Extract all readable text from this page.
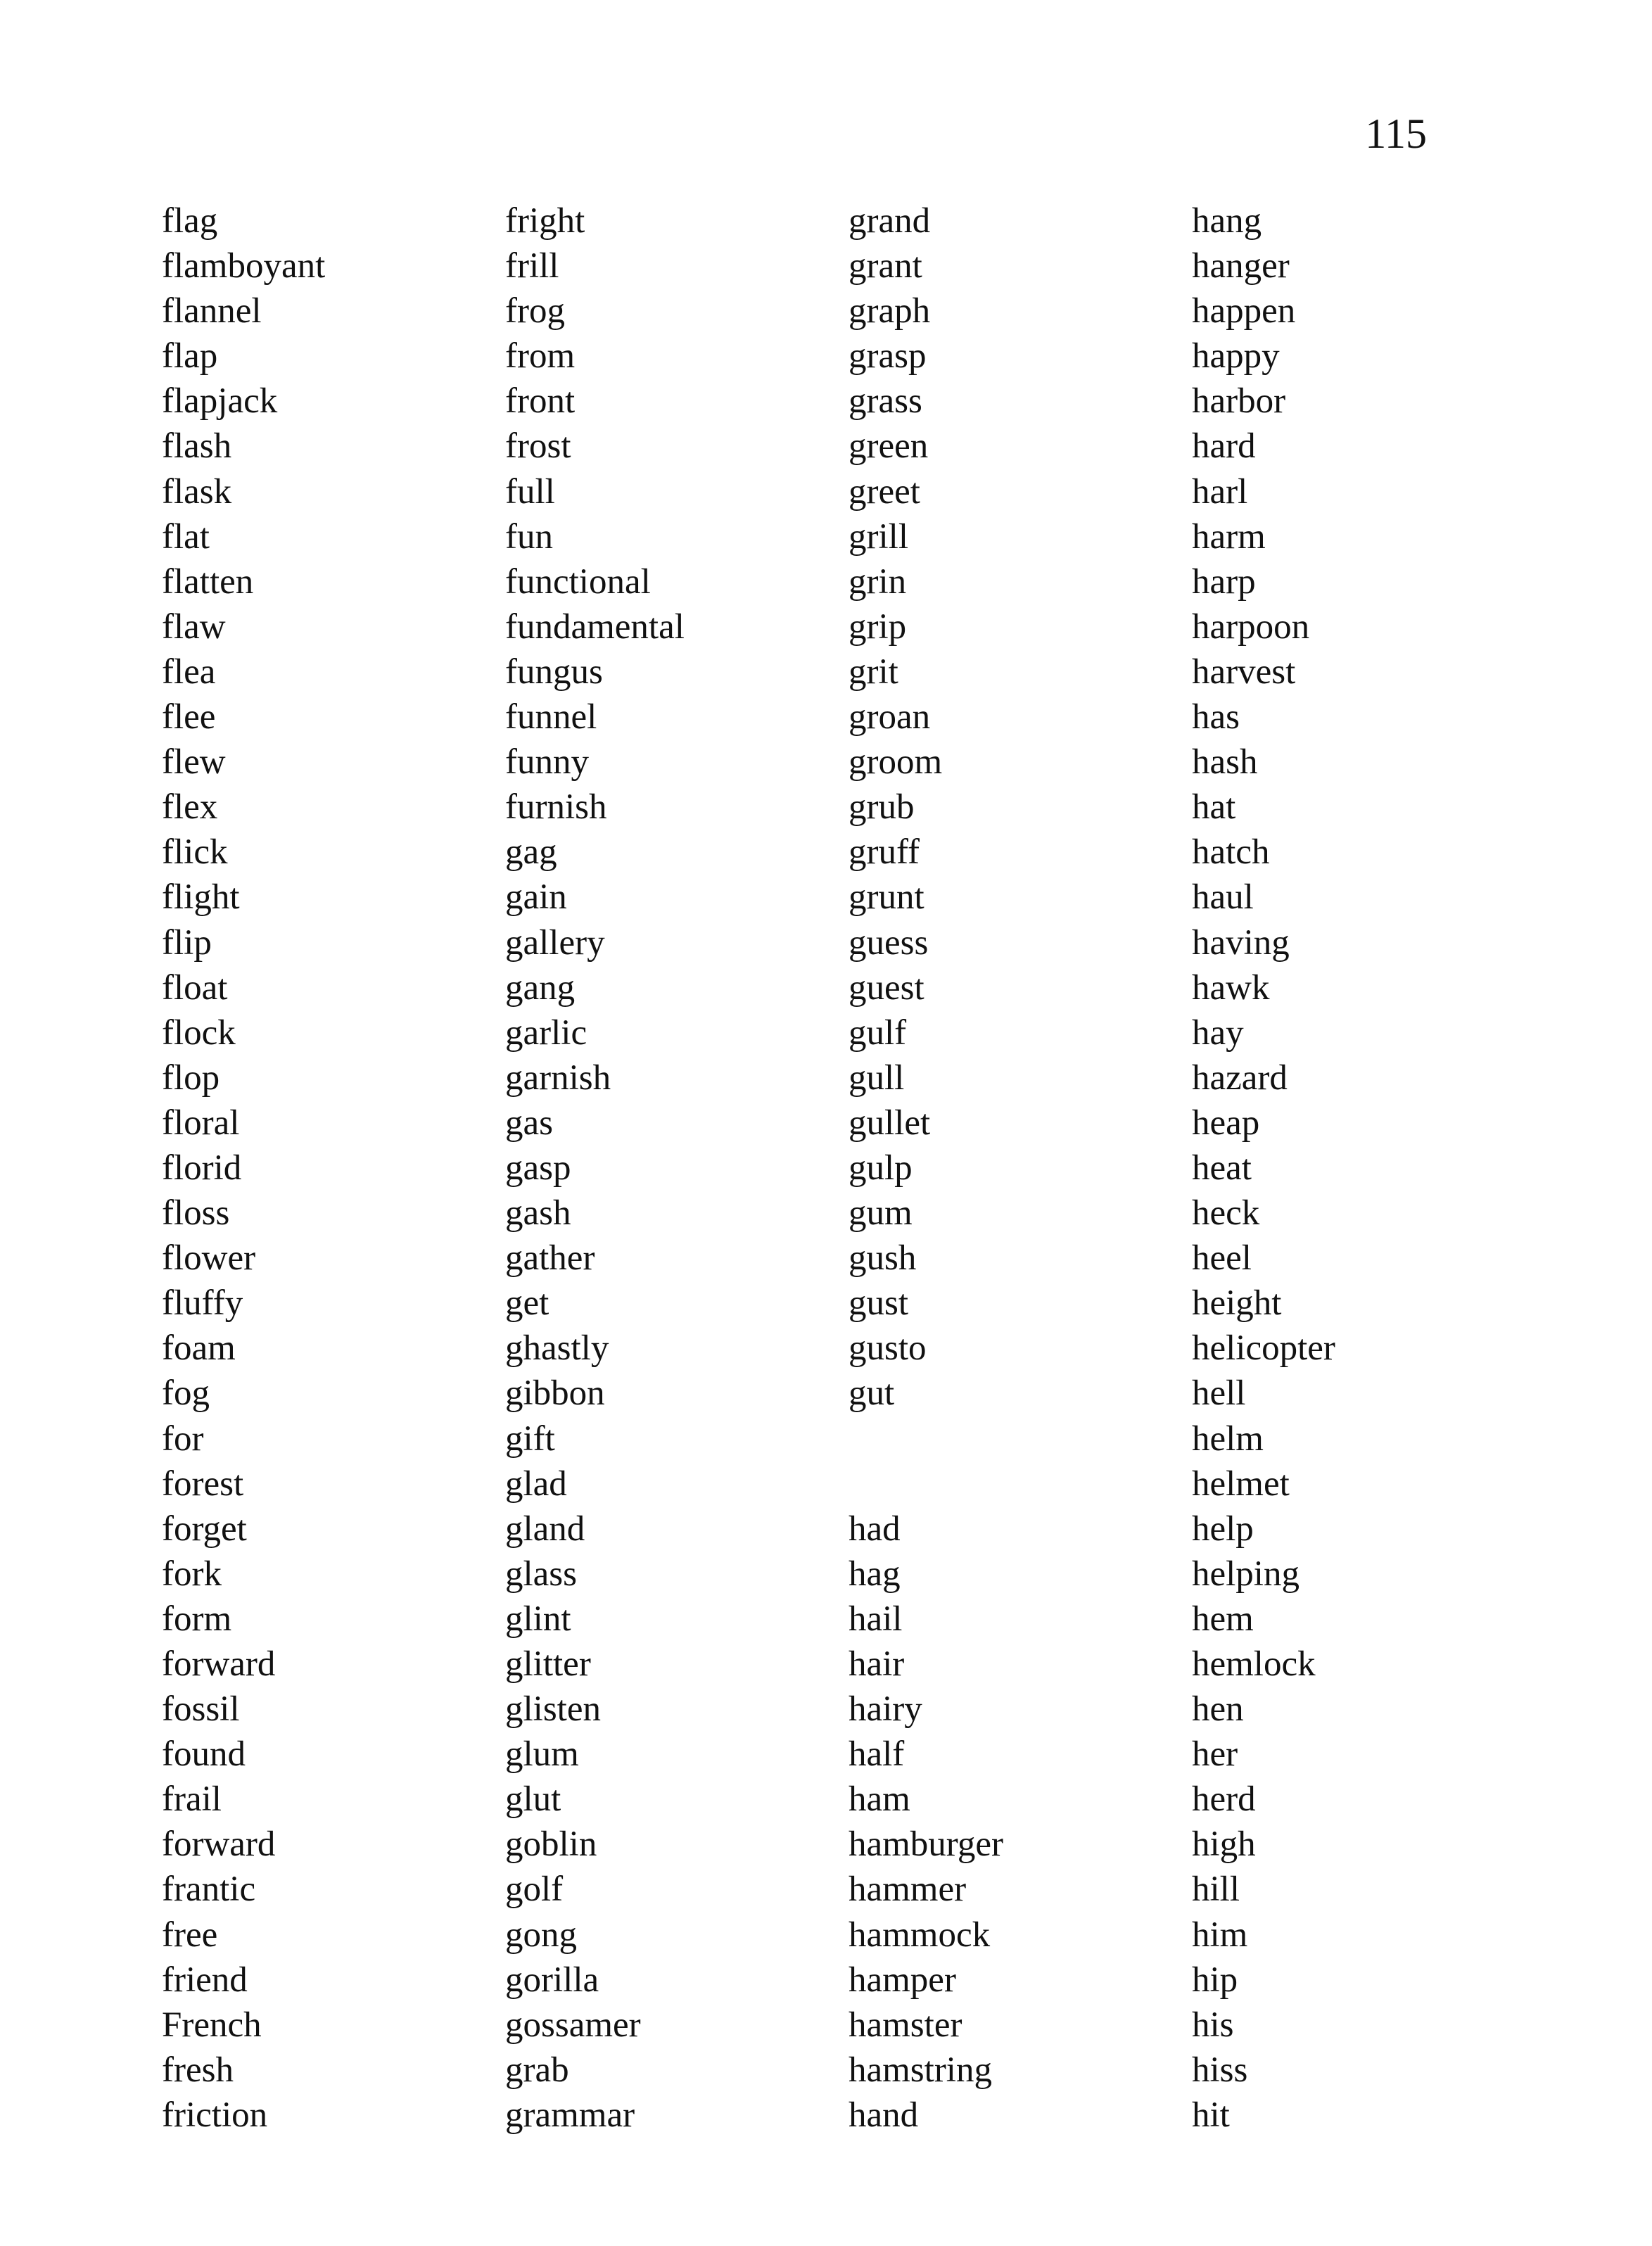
115
flag
flamboyant
flannel
flap
flapjack
flash
flask
flat
flatten
flaw
flea
flee
flew
flex
flick
flight
flip
float
flock
flop
floral
florid
floss
flower
fluffy
foam
fog
for
forest
forget
fork
form
forward
fossil
found
frail
forward
frantic
free
friend
French
fresh
friction
fright
frill
frog
from
front
frost
full
fun
functional
fundamental
fungus
funnel
funny
furnish
gag
gain
gallery
gang
garlic
garnish
gas
gasp
gash
gather
get
ghastly
gibbon
gift
glad
gland
glass
glint
glitter
glisten
glum
glut
goblin
golf
gong
gorilla
gossamer
grab
grammar
grand
grant
graph
grasp
grass
green
greet
grill
grin
grip
grit
groan
groom
grub
gruff
grunt
guess
guest
gulf
gull
gullet
gulp
gum
gush
gust
gusto
gut
had
hag
hail
hair
hairy
half
ham
hamburger
hammer
hammock
hamper
hamster
hamstring
hand
hang
hanger
happen
happy
harbor
hard
harl
harm
harp
harpoon
harvest
has
hash
hat
hatch
haul
having
hawk
hay
hazard
heap
heat
heck
heel
height
helicopter
hell
helm
helmet
help
helping
hem
hemlock
hen
her
herd
high
hill
him
hip
his
hiss
hit
